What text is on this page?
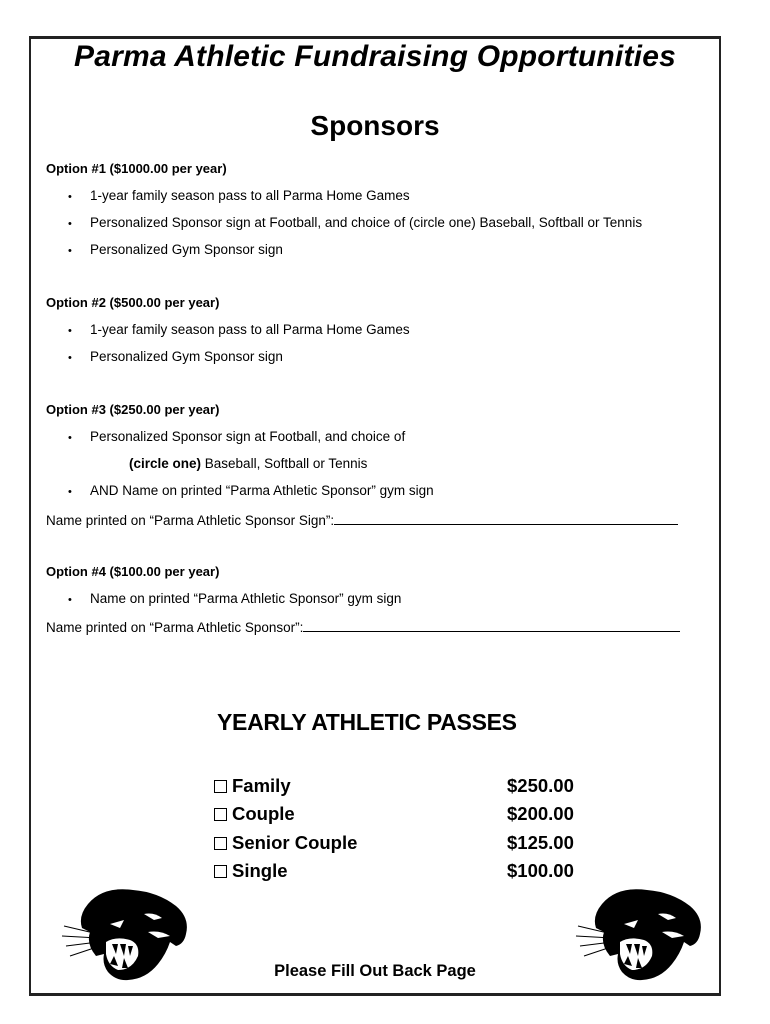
Parma Athletic Fundraising Opportunities
Sponsors
Option #1 ($1000.00 per year)
• 1-year family season pass to all Parma Home Games
• Personalized Sponsor sign at Football, and choice of (circle one) Baseball, Softball or Tennis
• Personalized Gym Sponsor sign
Option #2 ($500.00 per year)
• 1-year family season pass to all Parma Home Games
• Personalized Gym Sponsor sign
Option #3 ($250.00 per year)
• Personalized Sponsor sign at Football, and choice of
(circle one) Baseball, Softball or Tennis
• AND Name on printed “Parma Athletic Sponsor” gym sign
Name printed on “Parma Athletic Sponsor Sign”:
Option #4 ($100.00 per year)
• Name on printed “Parma Athletic Sponsor” gym sign
Name printed on “Parma Athletic Sponsor”:
YEARLY ATHLETIC PASSES
Family	$250.00
Couple	$200.00
Senior Couple	$125.00
Single	$100.00
Please Fill Out Back Page
